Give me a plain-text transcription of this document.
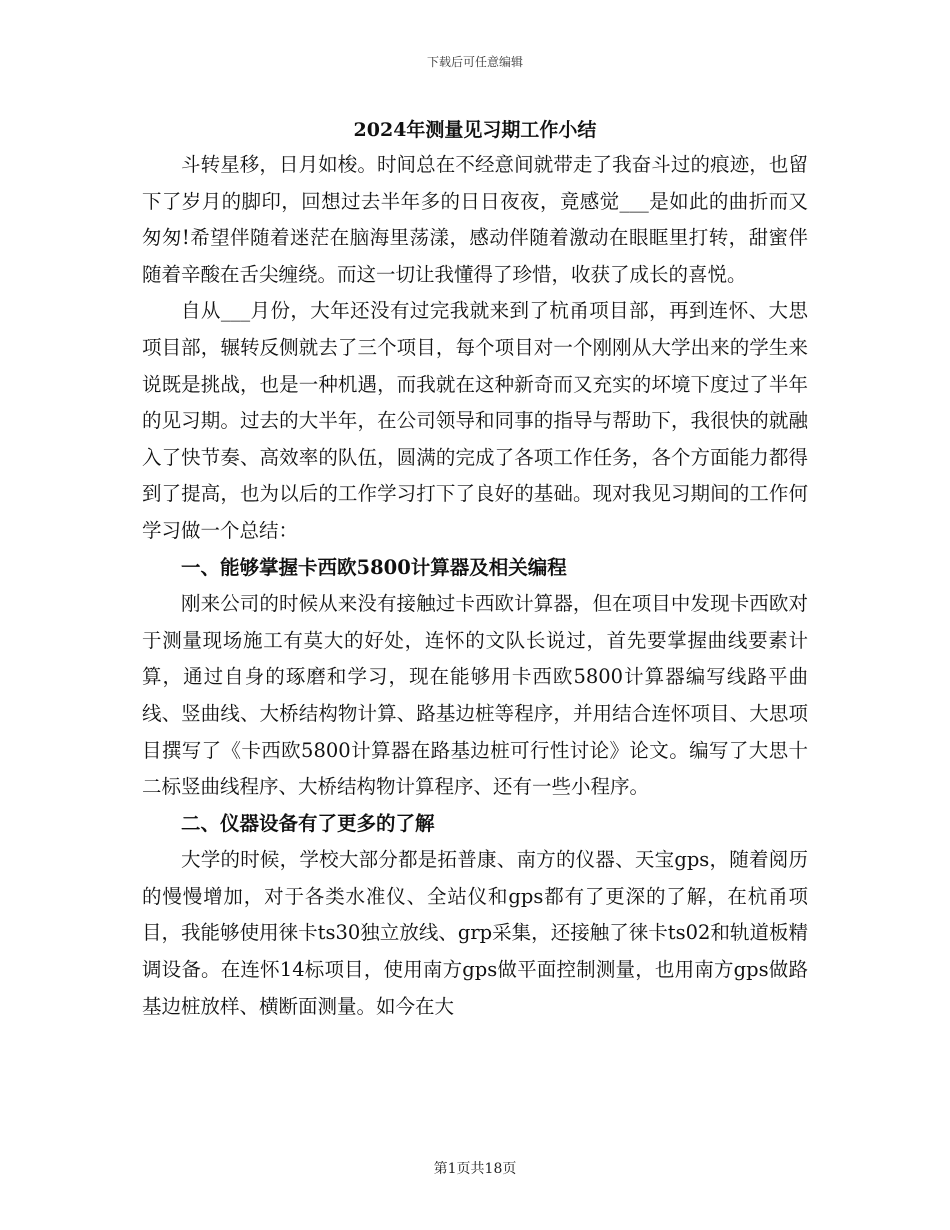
下载后可任意编辑
2024年测量见习期工作小结

斗转星移，日月如梭。时间总在不经意间就带走了我奋斗过的痕迹，也留下了岁月的脚印，回想过去半年多的日日夜夜，竟感觉___是如此的曲折而又匆匆!希望伴随着迷茫在脑海里荡漾，感动伴随着激动在眼眶里打转，甜蜜伴随着辛酸在舌尖缠绕。而这一切让我懂得了珍惜，收获了成长的喜悦。

自从___月份，大年还没有过完我就来到了杭甬项目部，再到连怀、大思项目部，辗转反侧就去了三个项目，每个项目对一个刚刚从大学出来的学生来说既是挑战，也是一种机遇，而我就在这种新奇而又充实的坏境下度过了半年的见习期。过去的大半年，在公司领导和同事的指导与帮助下，我很快的就融入了快节奏、高效率的队伍，圆满的完成了各项工作任务，各个方面能力都得到了提高，也为以后的工作学习打下了良好的基础。现对我见习期间的工作何学习做一个总结：

一、能够掌握卡西欧5800计算器及相关编程

刚来公司的时候从来没有接触过卡西欧计算器，但在项目中发现卡西欧对于测量现场施工有莫大的好处，连怀的文队长说过，首先要掌握曲线要素计算，通过自身的琢磨和学习，现在能够用卡西欧5800计算器编写线路平曲线、竖曲线、大桥结构物计算、路基边桩等程序，并用结合连怀项目、大思项目撰写了《卡西欧5800计算器在路基边桩可行性讨论》论文。编写了大思十二标竖曲线程序、大桥结构物计算程序、还有一些小程序。

二、仪器设备有了更多的了解

大学的时候，学校大部分都是拓普康、南方的仪器、天宝gps，随着阅历的慢慢增加，对于各类水准仪、全站仪和gps都有了更深的了解，在杭甬项目，我能够使用徕卡ts30独立放线、grp采集，还接触了徕卡ts02和轨道板精调设备。在连怀14标项目，使用南方gps做平面控制测量，也用南方gps做路基边桩放样、横断面测量。如今在大

第1页共18页
